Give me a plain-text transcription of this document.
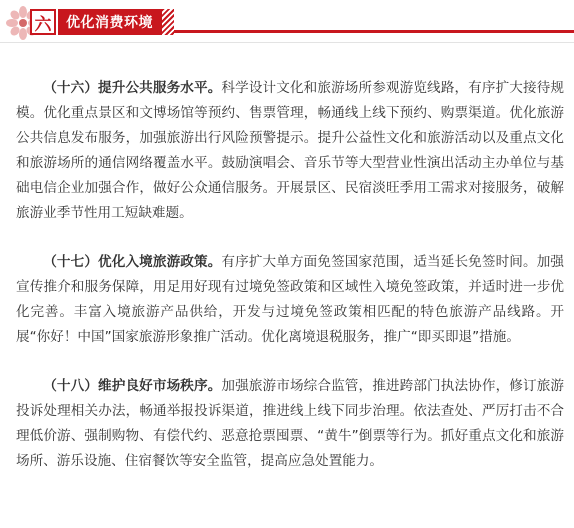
六	优化消费环境

（十六）提升公共服务水平。科学设计文化和旅游场所参观游览线路，有序扩大接待规模。优化重点景区和文博场馆等预约、售票管理，畅通线上线下预约、购票渠道。优化旅游公共信息发布服务，加强旅游出行风险预警提示。提升公益性文化和旅游活动以及重点文化和旅游场所的通信网络覆盖水平。鼓励演唱会、音乐节等大型营业性演出活动主办单位与基础电信企业加强合作，做好公众通信服务。开展景区、民宿淡旺季用工需求对接服务，破解旅游业季节性用工短缺难题。

（十七）优化入境旅游政策。有序扩大单方面免签国家范围，适当延长免签时间。加强宣传推介和服务保障，用足用好现有过境免签政策和区域性入境免签政策，并适时进一步优化完善。丰富入境旅游产品供给，开发与过境免签政策相匹配的特色旅游产品线路。开展“你好！中国”国家旅游形象推广活动。优化离境退税服务，推广“即买即退”措施。

（十八）维护良好市场秩序。加强旅游市场综合监管，推进跨部门执法协作，修订旅游投诉处理相关办法，畅通举报投诉渠道，推进线上线下同步治理。依法查处、严厉打击不合理低价游、强制购物、有偿代约、恶意抢票囤票、“黄牛”倒票等行为。抓好重点文化和旅游场所、游乐设施、住宿餐饮等安全监管，提高应急处置能力。
